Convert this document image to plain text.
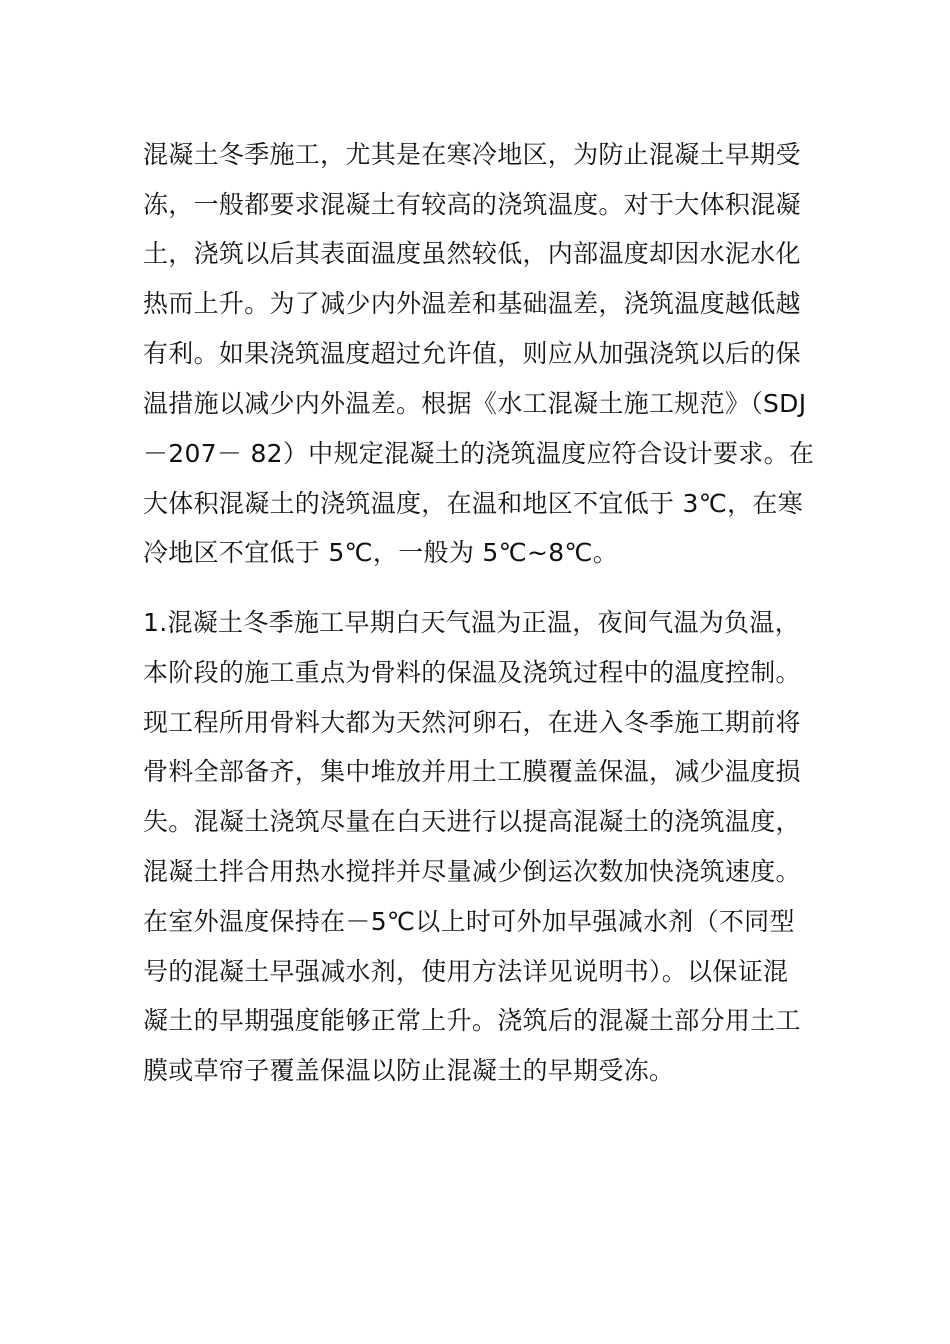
混凝土冬季施工，尤其是在寒冷地区，为防止混凝土早期受
冻，一般都要求混凝土有较高的浇筑温度。对于大体积混凝
土，浇筑以后其表面温度虽然较低，内部温度却因水泥水化
热而上升。为了减少内外温差和基础温差，浇筑温度越低越
有利。如果浇筑温度超过允许值，则应从加强浇筑以后的保
温措施以减少内外温差。根据《水工混凝土施工规范》（SDJ
－207－ 82）中规定混凝土的浇筑温度应符合设计要求。在
大体积混凝土的浇筑温度，在温和地区不宜低于 3℃，在寒
冷地区不宜低于 5℃，一般为 5℃~8℃。
1.混凝土冬季施工早期白天气温为正温，夜间气温为负温，
本阶段的施工重点为骨料的保温及浇筑过程中的温度控制。
现工程所用骨料大都为天然河卵石，在进入冬季施工期前将
骨料全部备齐，集中堆放并用土工膜覆盖保温，减少温度损
失。混凝土浇筑尽量在白天进行以提高混凝土的浇筑温度，
混凝土拌合用热水搅拌并尽量减少倒运次数加快浇筑速度。
在室外温度保持在－5℃以上时可外加早强减水剂（不同型
号的混凝土早强减水剂，使用方法详见说明书）。以保证混
凝土的早期强度能够正常上升。浇筑后的混凝土部分用土工
膜或草帘子覆盖保温以防止混凝土的早期受冻。
